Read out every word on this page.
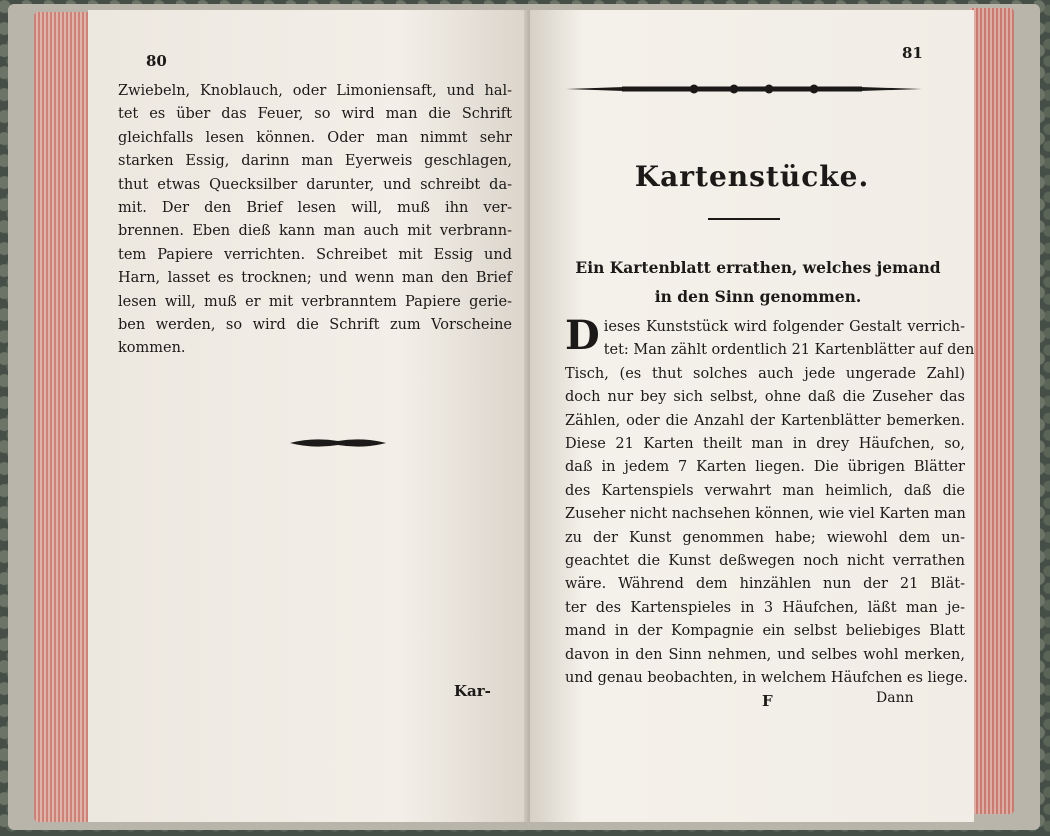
80
Zwiebeln, Knoblauch, oder Limoniensaft, und hal-
tet es über das Feuer, so wird man die Schrift
gleichfalls lesen können. Oder man nimmt sehr
starken Essig, darinn man Eyerweis geschlagen,
thut etwas Quecksilber darunter, und schreibt da-
mit. Der den Brief lesen will, muß ihn ver-
brennen. Eben dieß kann man auch mit verbrann-
tem Papiere verrichten. Schreibet mit Essig und
Harn, lasset es trocknen; und wenn man den Brief
lesen will, muß er mit verbranntem Papiere gerie-
ben werden, so wird die Schrift zum Vorscheine
kommen.
Kar-
81
Kartenstücke.
Ein Kartenblatt errathen, welches jemand
in den Sinn genommen.
Dieses Kunststück wird folgender Gestalt verrich-
tet: Man zählt ordentlich 21 Kartenblätter auf den
Tisch, (es thut solches auch jede ungerade Zahl)
doch nur bey sich selbst, ohne daß die Zuseher das
Zählen, oder die Anzahl der Kartenblätter bemerken.
Diese 21 Karten theilt man in drey Häufchen, so,
daß in jedem 7 Karten liegen. Die übrigen Blätter
des Kartenspiels verwahrt man heimlich, daß die
Zuseher nicht nachsehen können, wie viel Karten man
zu der Kunst genommen habe; wiewohl dem un-
geachtet die Kunst deßwegen noch nicht verrathen
wäre. Während dem hinzählen nun der 21 Blät-
ter des Kartenspieles in 3 Häufchen, läßt man je-
mand in der Kompagnie ein selbst beliebiges Blatt
davon in den Sinn nehmen, und selbes wohl merken,
und genau beobachten, in welchem Häufchen es liege.
F	Dann
